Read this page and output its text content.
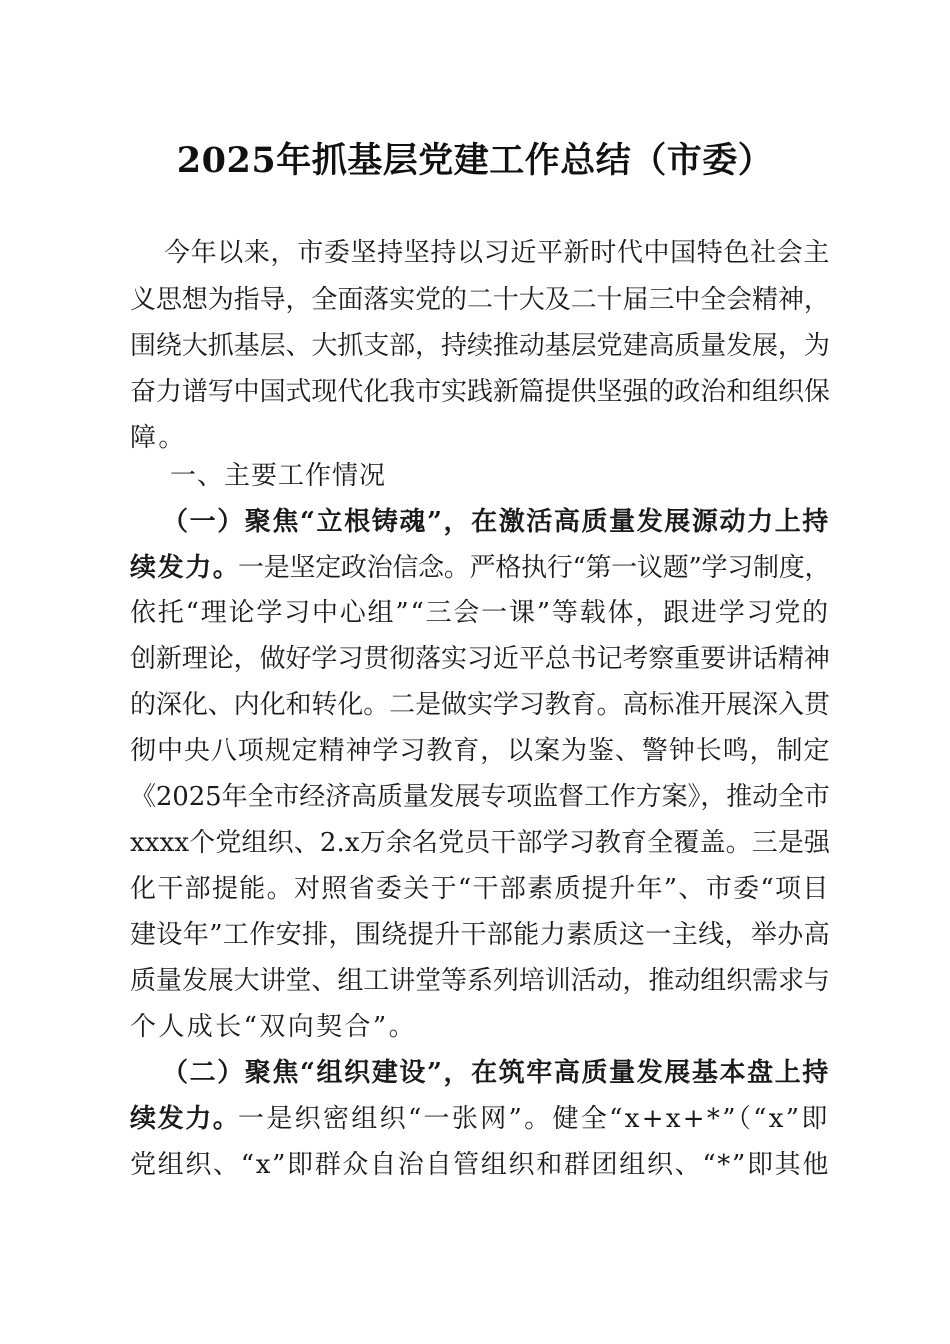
2025年抓基层党建工作总结（市委）

今年以来，市委坚持坚持以习近平新时代中国特色社会主

义思想为指导，全面落实党的二十大及二十届三中全会精神，

围绕大抓基层、大抓支部，持续推动基层党建高质量发展，为

奋力谱写中国式现代化我市实践新篇提供坚强的政治和组织保

障。

一、主要工作情况

（一）聚焦“立根铸魂”，在激活高质量发展源动力上持

续发力。

一是坚定政治信念。严格执行“第一议题”学习制度，

依托“理论学习中心组”“三会一课”等载体，跟进学习党的

创新理论，做好学习贯彻落实习近平总书记考察重要讲话精神

的深化、内化和转化。二是做实学习教育。高标准开展深入贯

彻中央八项规定精神学习教育，以案为鉴、警钟长鸣，制定

《2025年全市经济高质量发展专项监督工作方案》，推动全市

xxxx个党组织、2.x万余名党员干部学习教育全覆盖。三是强

化干部提能。对照省委关于“干部素质提升年”、市委“项目

建设年”工作安排，围绕提升干部能力素质这一主线，举办高

质量发展大讲堂、组工讲堂等系列培训活动，推动组织需求与

个人成长“双向契合”。

（二）聚焦“组织建设”，在筑牢高质量发展基本盘上持

续发力。

一是织密组织“一张网”。健全“x+x+*”（“x”即

党组织、“x”即群众自治自管组织和群团组织、“*”即其他
